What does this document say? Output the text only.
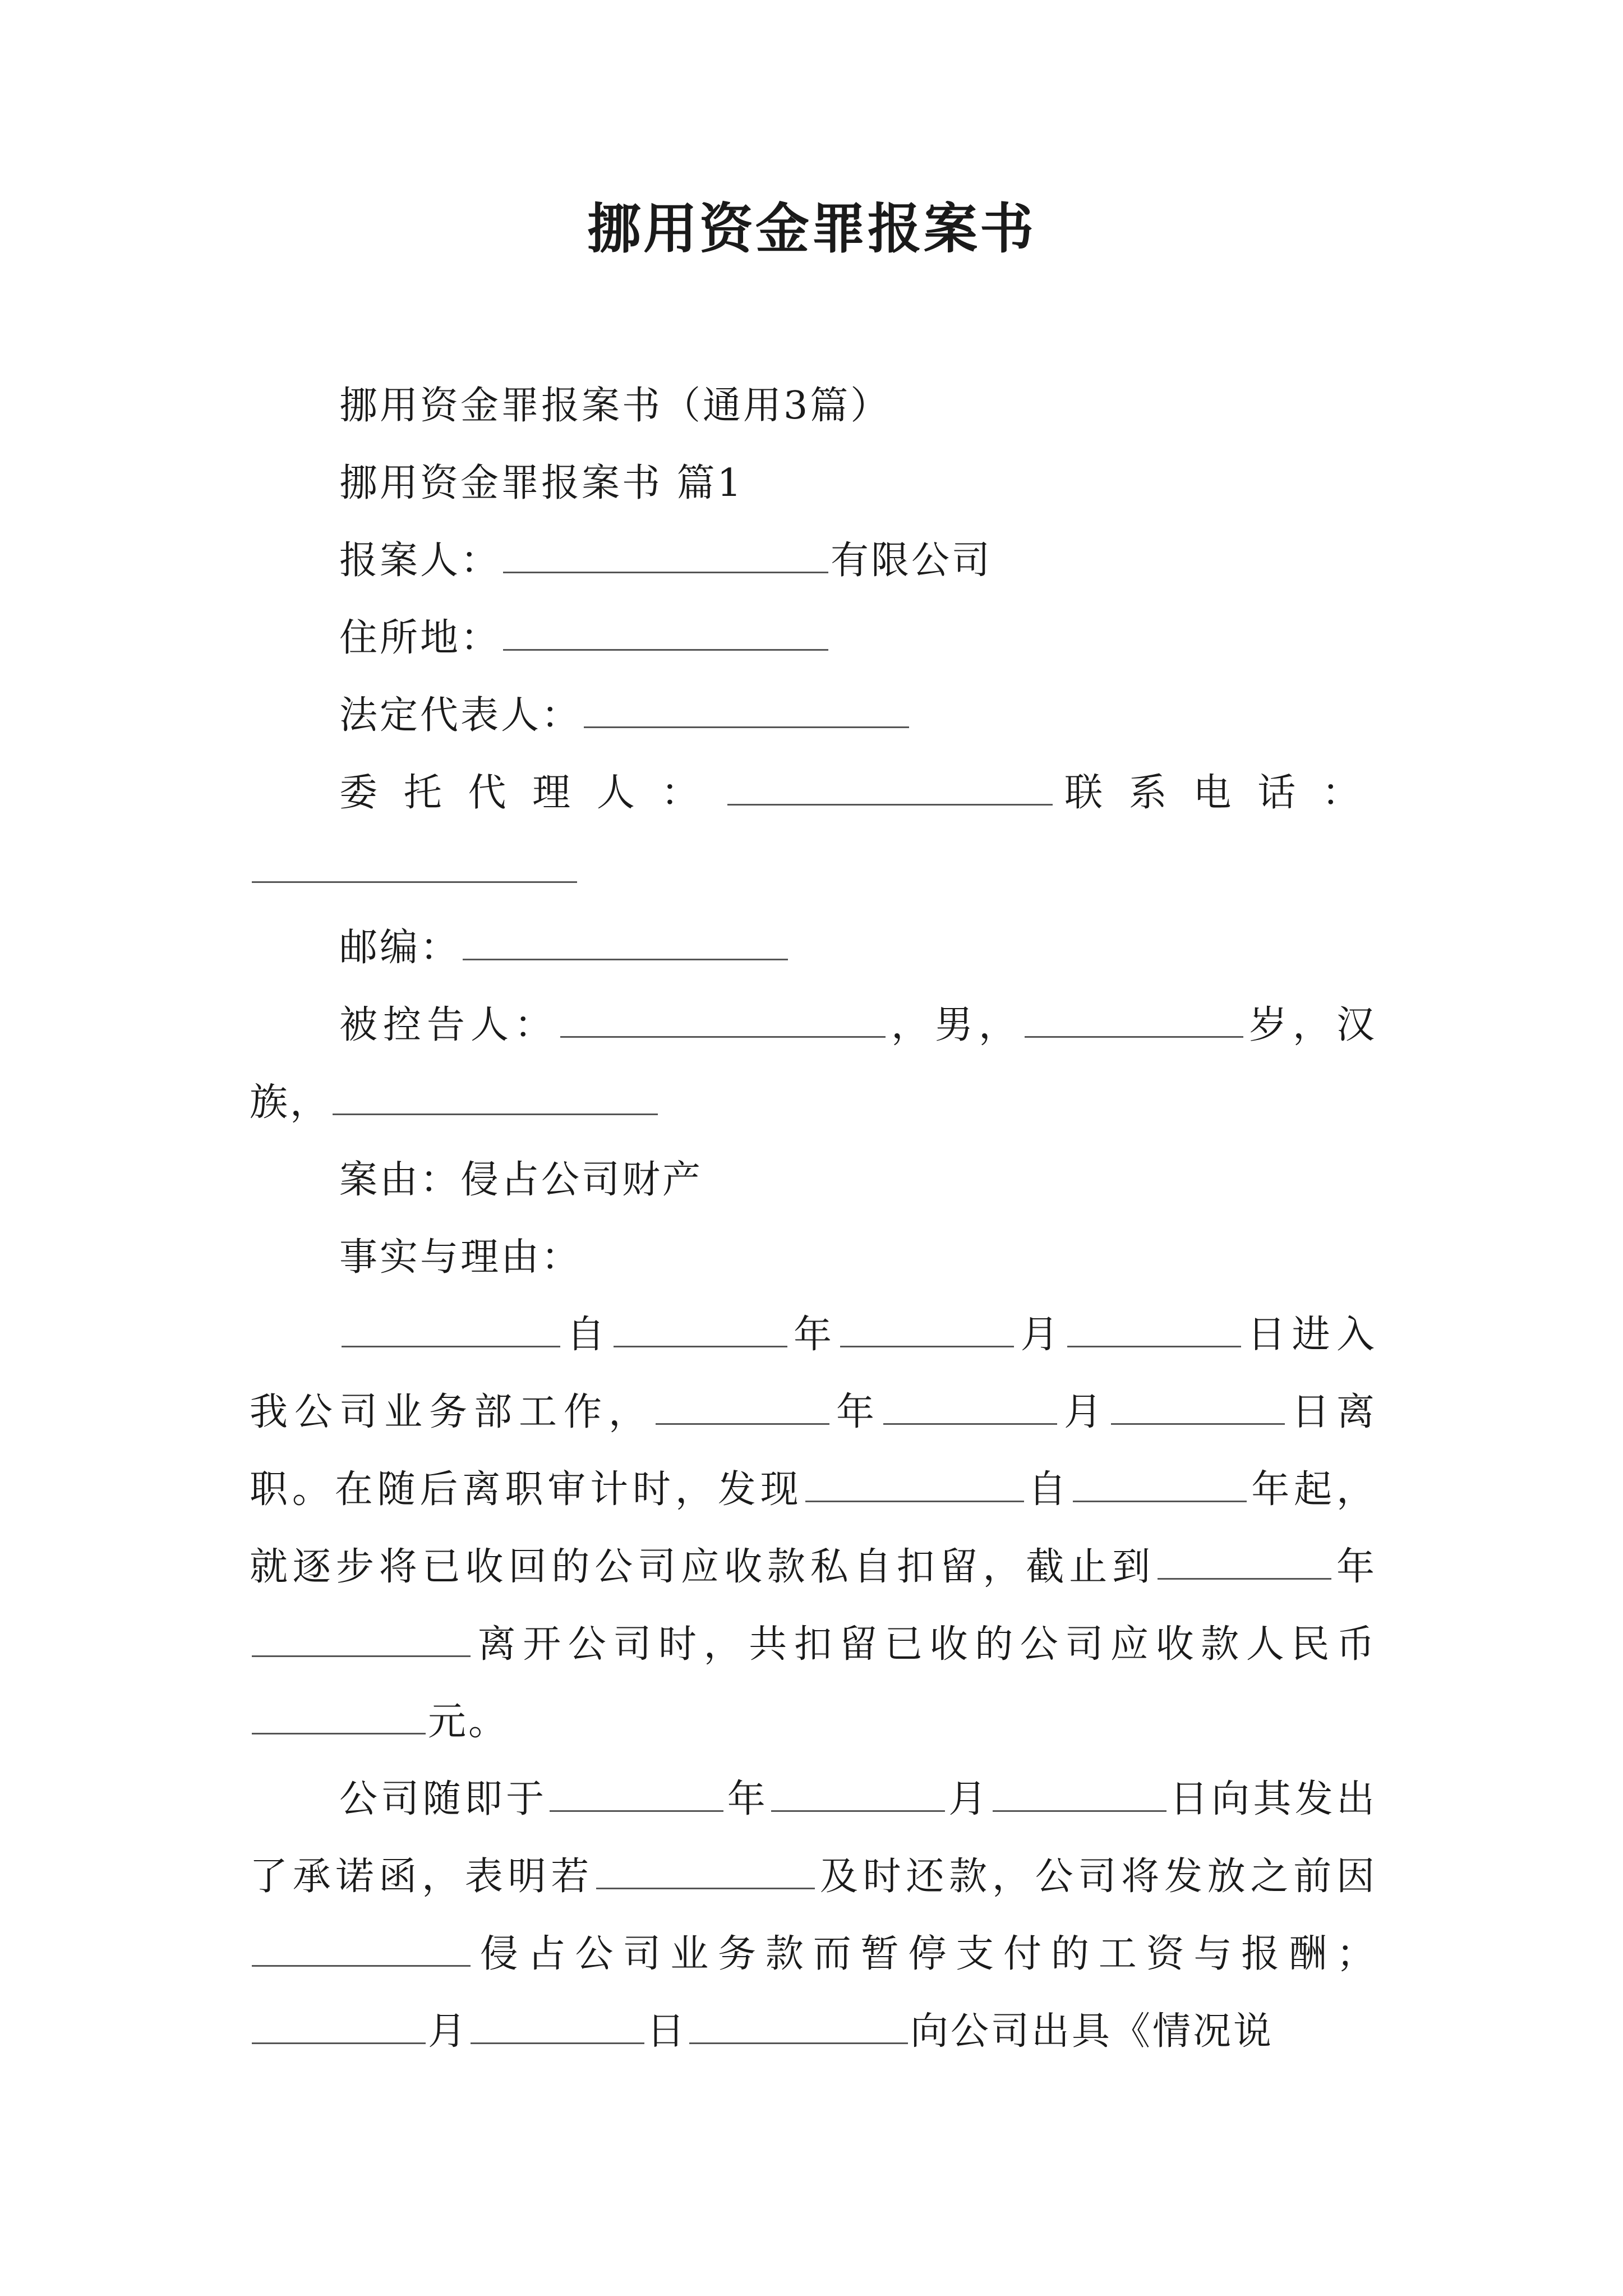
挪用资金罪报案书

挪用资金罪报案书（通用3篇）

挪用资金罪报案书 篇1

报案人：	有限公司

住所地：

法定代表人：

委托代理人：	联系电话：

邮编：

被控告人：	，男，	岁，汉族，

案由：侵占公司财产

事实与理由：

自	年	月	日进入我公司业务部工作，	年	月	日离职。在随后离职审计时，发现	自	年起，就逐步将已收回的公司应收款私自扣留，截止到	年离开公司时，共扣留已收的公司应收款人民币元。

公司随即于	年	月	日向其发出了承诺函，表明若	及时还款，公司将发放之前因侵占公司业务款而暂停支付的工资与报酬；月	日	向公司出具《情况说
